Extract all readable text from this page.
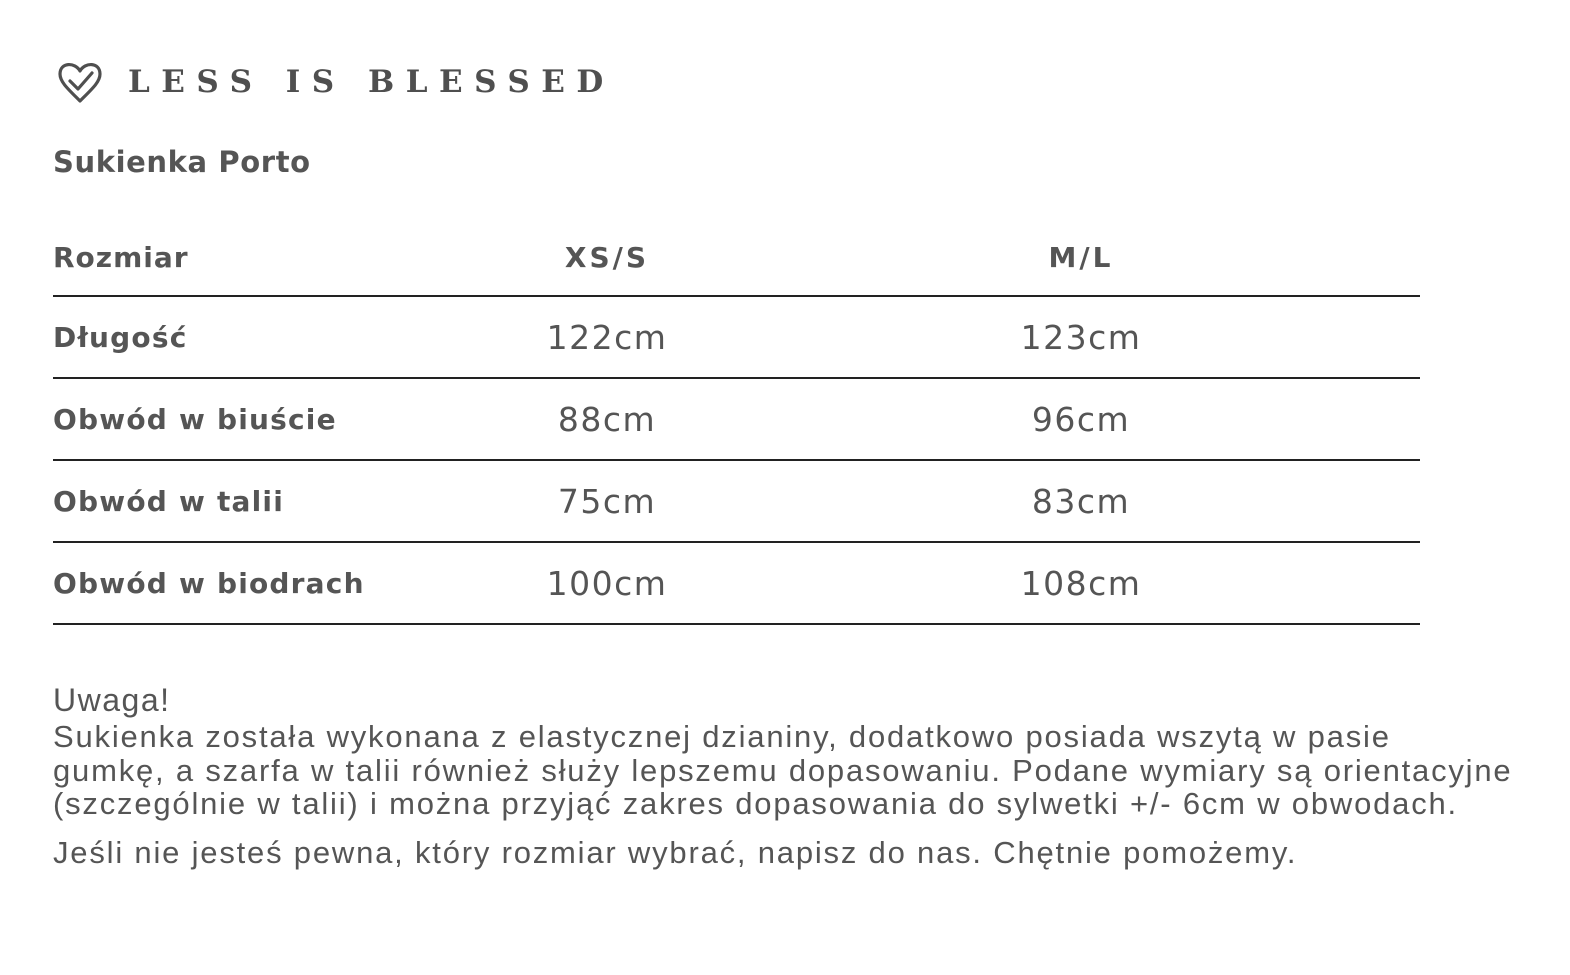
LESS IS BLESSED
Sukienka Porto
Rozmiar	XS/S	M/L	
Długość	122cm	123cm	
Obwód w biuście	88cm	96cm	
Obwód w talii	75cm	83cm	
Obwód w biodrach	100cm	108cm	

Uwaga!

Sukienka została wykonana z elastycznej dzianiny, dodatkowo posiada wszytą w pasie gumkę, a szarfa w talii również służy lepszemu dopasowaniu. Podane wymiary są orientacyjne (szczególnie w talii) i można przyjąć zakres dopasowania do sylwetki +/- 6cm w obwodach.

Jeśli nie jesteś pewna, który rozmiar wybrać, napisz do nas. Chętnie pomożemy.
